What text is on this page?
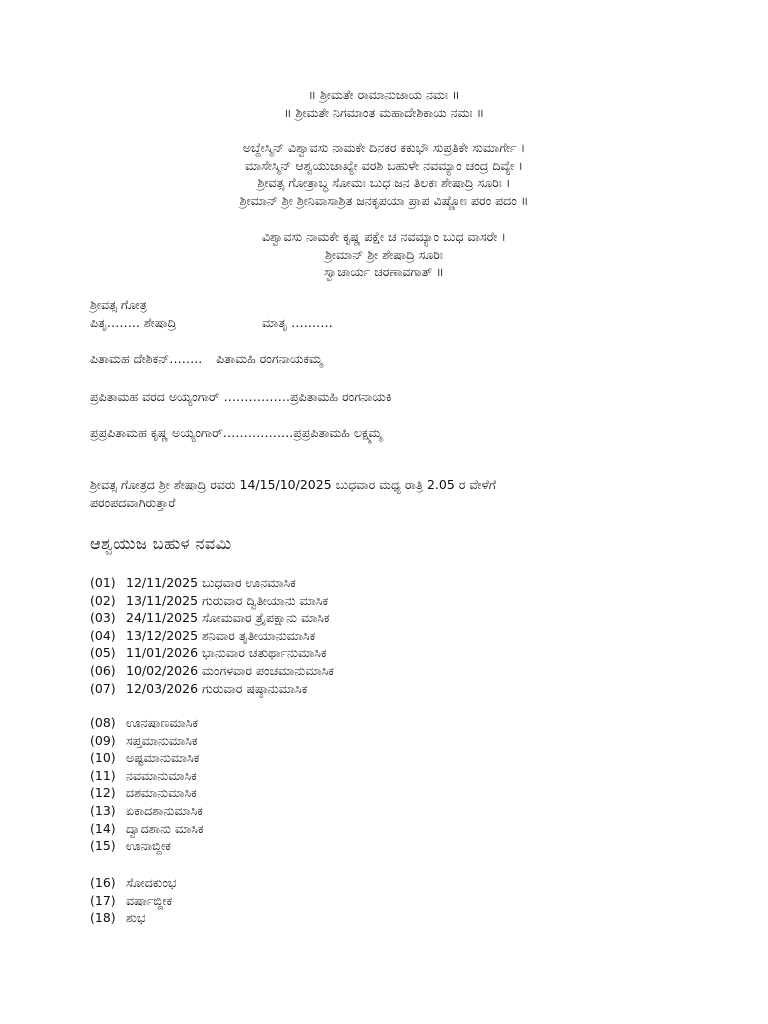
॥ ಶ್ರೀಮತೇ ರಾಮಾನುಜಾಯ ನಮಃ ॥
॥ ಶ್ರೀಮತೇ ನಿಗಮಾಂತ ಮಹಾದೇಶಿಕಾಯ ನಮಃ ॥
ಅಬ್ದೇಸ್ಮಿನ್ ವಿಶ್ವಾವಸು ನಾಮಕೇ ದಿನಕರ ಕಕುಭೌ ಸುಪ್ರತಿಕೇ ಸುಮಾರ್ಗೇ ।
ಮಾಸೇಸ್ಮಿನ್ ಆಶ್ವಯುಜಾಖ್ಯೇ ವರಶಿ ಬಹುಳೇ ನವಮ್ಯಾಂ ಚಂದ್ರ ದಿವ್ಯೇ ।
ಶ್ರೀವತ್ಸ ಗೋತ್ರಾಬ್ಧ ಸೋಮಃ ಬುಧ ಜನ ತಿಲಕಃ ಶೇಷಾದ್ರಿ ಸೂರಿಃ ।
ಶ್ರೀಮಾನ್ ಶ್ರೀ ಶ್ರೀನಿವಾಸಾಶ್ರಿತ ಜನಕೃಪಯಾ ಪ್ರಾಪ ವಿಷ್ಣೋಃ ಪರಂ ಪದಂ ॥
ವಿಶ್ವಾವಸು ನಾಮಕೇ ಕೃಷ್ಣ ಪಕ್ಷೇ ಚ ನವಮ್ಯಾಂ ಬುಧ ವಾಸರೇ ।
ಶ್ರೀಮಾನ್ ಶ್ರೀ ಶೇಷಾದ್ರಿ ಸೂರಿಃ
ಸ್ವಾಚಾರ್ಯ ಚರಣಾವಗಾತ್ ॥
ಶ್ರೀವತ್ಸ ಗೋತ್ರ
ಪಿತೃ…….. ಶೇಷಾದ್ರಿ	ಮಾತೃ ……….
ಪಿತಾಮಹ ದೇಶಿಕನ್…….. ಪಿತಾಮಹಿ ರಂಗನಾಯಕಮ್ಮ
ಪ್ರಪಿತಾಮಹ ವರದ ಅಯ್ಯಂಗಾರ್ ……………. ಪ್ರಪಿತಾಮಹಿ ರಂಗನಾಯಕಿ
ಪ್ರಪ್ರಪಿತಾಮಹ ಕೃಷ್ಣ ಅಯ್ಯಂಗಾರ್…………….. ಪ್ರಪ್ರಪಿತಾಮಹಿ ಲಕ್ಷ್ಮಮ್ಮ
ಶ್ರೀವತ್ಸ ಗೋತ್ರದ ಶ್ರೀ ಶೇಷಾದ್ರಿ ರವರು 14/15/10/2025 ಬುಧವಾರ ಮಧ್ಯ ರಾತ್ರಿ 2.05 ರ ವೇಳೆಗೆ
ಪರಂಪದವಾಗಿರುತ್ತಾರೆ
ಆಶ್ವಯುಜ ಬಹುಳ ನವಮಿ
(01) 12/11/2025 ಬುಧವಾರ ಊನಮಾಸಿಕ
(02) 13/11/2025 ಗುರುವಾರ ದ್ವಿತೀಯಾನು ಮಾಸಿಕ
(03) 24/11/2025 ಸೋಮವಾರ ತ್ರೈಪಕ್ಷಾನು ಮಾಸಿಕ
(04) 13/12/2025 ಶನಿವಾರ ತೃತೀಯಾನುಮಾಸಿಕ
(05) 11/01/2026 ಭಾನುವಾರ ಚತುರ್ಥಾನುಮಾಸಿಕ
(06) 10/02/2026 ಮಂಗಳವಾರ ಪಂಚಮಾನುಮಾಸಿಕ
(07) 12/03/2026 ಗುರುವಾರ ಷಷ್ಠಾನುಮಾಸಿಕ
(08) ಊನಷಾಣಮಾಸಿಕ
(09) ಸಪ್ತಮಾನುಮಾಸಿಕ
(10) ಅಷ್ಟಮಾನುಮಾಸಿಕ
(11) ನವಮಾನುಮಾಸಿಕ
(12) ದಶಮಾನುಮಾಸಿಕ
(13) ಏಕಾದಶಾನುಮಾಸಿಕ
(14) ದ್ವಾದಶಾನು ಮಾಸಿಕ
(15) ಊನಾಬ್ದೀಕ
(16) ಸೋದಕುಂಭ
(17) ವರ್ಷಾಬ್ದೀಕ
(18) ಶುಭ
